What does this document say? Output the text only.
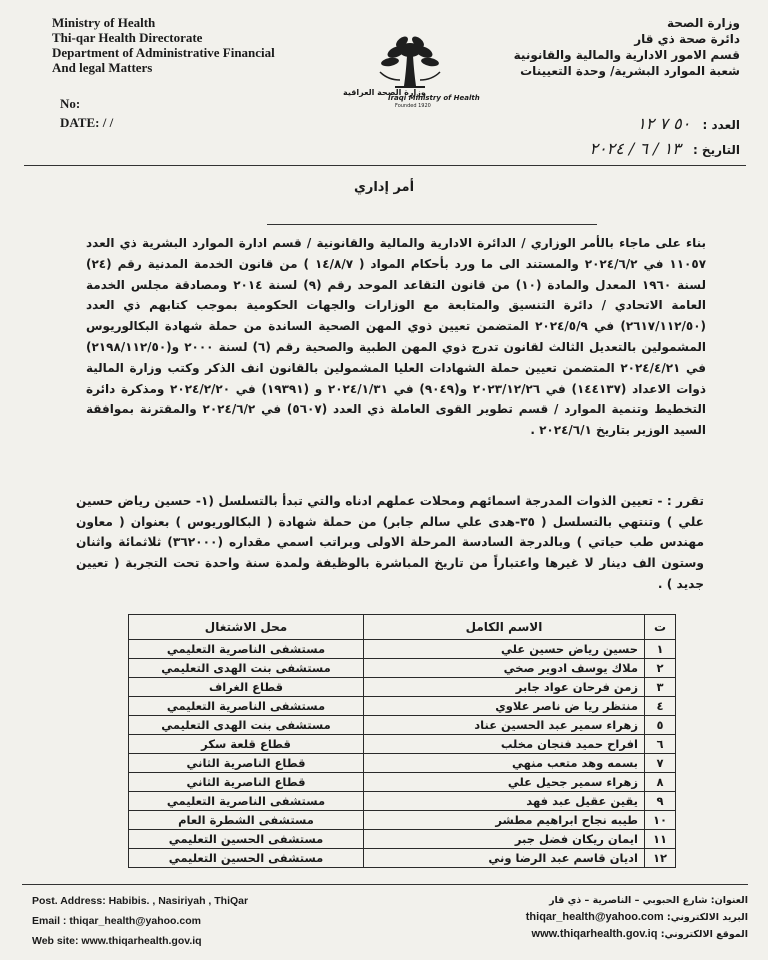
Ministry of Health
Thi-qar Health Directorate
Department of Administrative Financial
And legal Matters
وزارة الصحة العراقية
Iraqi Ministry of Health
Founded 1920
وزارة الصحة
دائرة صحة ذي قار
قسم الامور الادارية والمالية والقانونية
شعبة الموارد البشرية/ وحدة التعيينات
No:
DATE: / /	العدد : ٥٠ ٧ ١٢
التاريخ : ١٣ / ٦ / ٢٠٢٤
أمر إداري
بناء على ماجاء بالأمر الوزاري / الدائرة الادارية والمالية والقانونية / قسم ادارة الموارد البشرية ذي العدد ١١٠٥٧ في ٢٠٢٤/٦/٢ والمستند الى ما ورد بأحكام المواد ( ١٤/٨/٧ ) من قانون الخدمة المدنية رقم (٢٤) لسنة ١٩٦٠ المعدل والمادة (١٠) من قانون التقاعد الموحد رقم (٩) لسنة ٢٠١٤ ومصادقة مجلس الخدمة العامة الاتحادي / دائرة التنسيق والمتابعة مع الوزارات والجهات الحكومية بموجب كتابهم ذي العدد (٢٦١٧/١١٢/٥٠) في ٢٠٢٤/٥/٩ المتضمن تعيين ذوي المهن الصحية الساندة من حملة شهادة البكالوريوس المشمولين بالتعديل الثالث لقانون تدرج ذوي المهن الطبية والصحية رقم (٦) لسنة ٢٠٠٠ و(٢١٩٨/١١٢/٥٠) في ٢٠٢٤/٤/٢١ المتضمن تعيين حملة الشهادات العليا المشمولين بالقانون انف الذكر وكتب وزارة المالية ذوات الاعداد (١٤٤١٣٧) في ٢٠٢٣/١٢/٢٦ و(٩٠٤٩) في ٢٠٢٤/١/٣١ و (١٩٣٩١) في ٢٠٢٤/٢/٢٠ ومذكرة دائرة التخطيط وتنمية الموارد / قسم تطوير القوى العاملة ذي العدد (٥٦٠٧) في ٢٠٢٤/٦/٢ والمقترنة بموافقة السيد الوزير بتاريخ ٢٠٢٤/٦/١ .
تقرر : - تعيين الذوات المدرجة اسمائهم ومحلات عملهم ادناه والتي تبدأ بالتسلسل (١- حسين رياض حسين علي ) وتنتهي بالتسلسل ( ٣٥-هدى علي سالم جابر) من حملة شهادة ( البكالوريوس ) بعنوان ( معاون مهندس طب حياتي ) وبالدرجة السادسة المرحلة الاولى وبراتب اسمي مقداره (٣٦٢٠٠٠) ثلاثمائة واثنان وستون الف دينار لا غيرها واعتباراً من تاريخ المباشرة بالوظيفة ولمدة سنة واحدة تحت التجربة ( تعيين جديد ) .
ت	الاسم الكامل	محل الاشتغال
١	حسين رياض حسين علي	مستشفى الناصرية التعليمي
٢	ملاك يوسف ادوير صخي	مستشفى بنت الهدى التعليمي
٣	زمن فرحان عواد جابر	قطاع الغراف
٤	منتظر ريا ض ناصر علاوي	مستشفى الناصرية التعليمي
٥	زهراء سمير عبد الحسين عناد	مستشفى بنت الهدى التعليمي
٦	افراح حميد فنجان مخلب	قطاع قلعة سكر
٧	بسمه وهد متعب منهي	قطاع الناصرية الثاني
٨	زهراء سمير جحيل علي	قطاع الناصرية الثاني
٩	يقين عقيل عبد فهد	مستشفى الناصرية التعليمي
١٠	طيبه نجاح ابراهيم مطشر	مستشفى الشطرة العام
١١	ايمان ريكان فضل جبر	مستشفى الحسين التعليمي
١٢	اديان قاسم عبد الرضا وني	مستشفى الحسين التعليمي
Post. Address: Habibis. , Nasiriyah , ThiQar
Email : thiqar_health@yahoo.com
Web site: www.thiqarhealth.gov.iq
العنوان: شارع الحبوبي – الناصرية – ذي قار
البريد الالكتروني: thiqar_health@yahoo.com
الموقع الالكتروني: www.thiqarhealth.gov.iq
